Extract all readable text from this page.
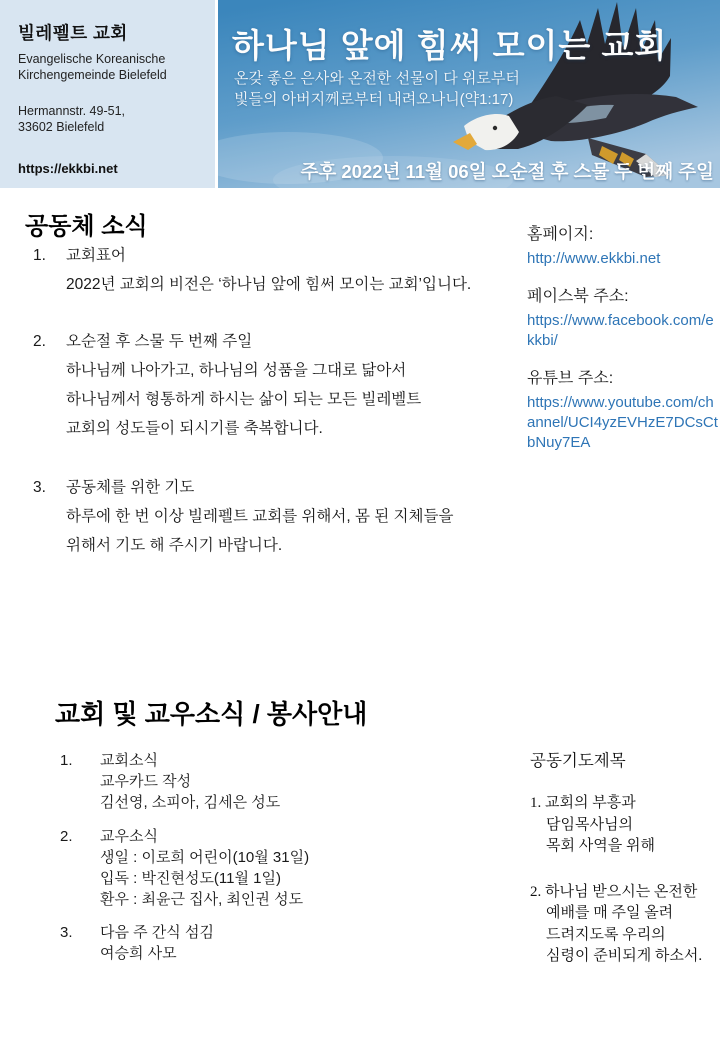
빌레펠트 교회
Evangelische Koreanische
Kirchengemeinde Bielefeld
Hermannstr. 49-51,
33602 Bielefeld
https://ekkbi.net
하나님 앞에 힘써 모이는 교회
온갖 좋은 은사와 온전한 선물이 다 위로부터
빛들의 아버지께로부터 내려오나니(약1:17)
주후 2022년 11월 06일 오순절 후 스물 두 번째 주일
공동체 소식
1.	교회표어
2022년 교회의 비전은 ‘하나님 앞에 힘써 모이는 교회’입니다.
2.	오순절 후 스물 두 번째 주일
하나님께 나아가고, 하나님의 성품을 그대로 닮아서
하나님께서 형통하게 하시는 삶이 되는 모든 빌레벨트
교회의 성도들이 되시기를 축복합니다.
3.	공동체를 위한 기도
하루에 한 번 이상 빌레펠트 교회를 위해서, 몸 된 지체들을
위해서 기도 해 주시기 바랍니다.
홈페이지:
http://www.ekkbi.net
페이스북 주소:
https://www.facebook.com/ekkbi/
유튜브 주소:
https://www.youtube.com/channel/UCI4yzEVHzE7DCsCtbNuy7EA
교회 및 교우소식 / 봉사안내
1.	교회소식
교우카드 작성
김선영, 소피아, 김세은 성도
2.	교우소식
생일 : 이로희 어린이(10월 31일)
입독 : 박진현성도(11월 1일)
환우 : 최윤근 집사, 최인권 성도
3.	다음 주 간식 섬김
여승희 사모
공동기도제목
1. 교회의 부흥과
담임목사님의
목회 사역을 위해
2. 하나님 받으시는 온전한
예배를 매 주일 올려
드려지도록 우리의
심령이 준비되게 하소서.
